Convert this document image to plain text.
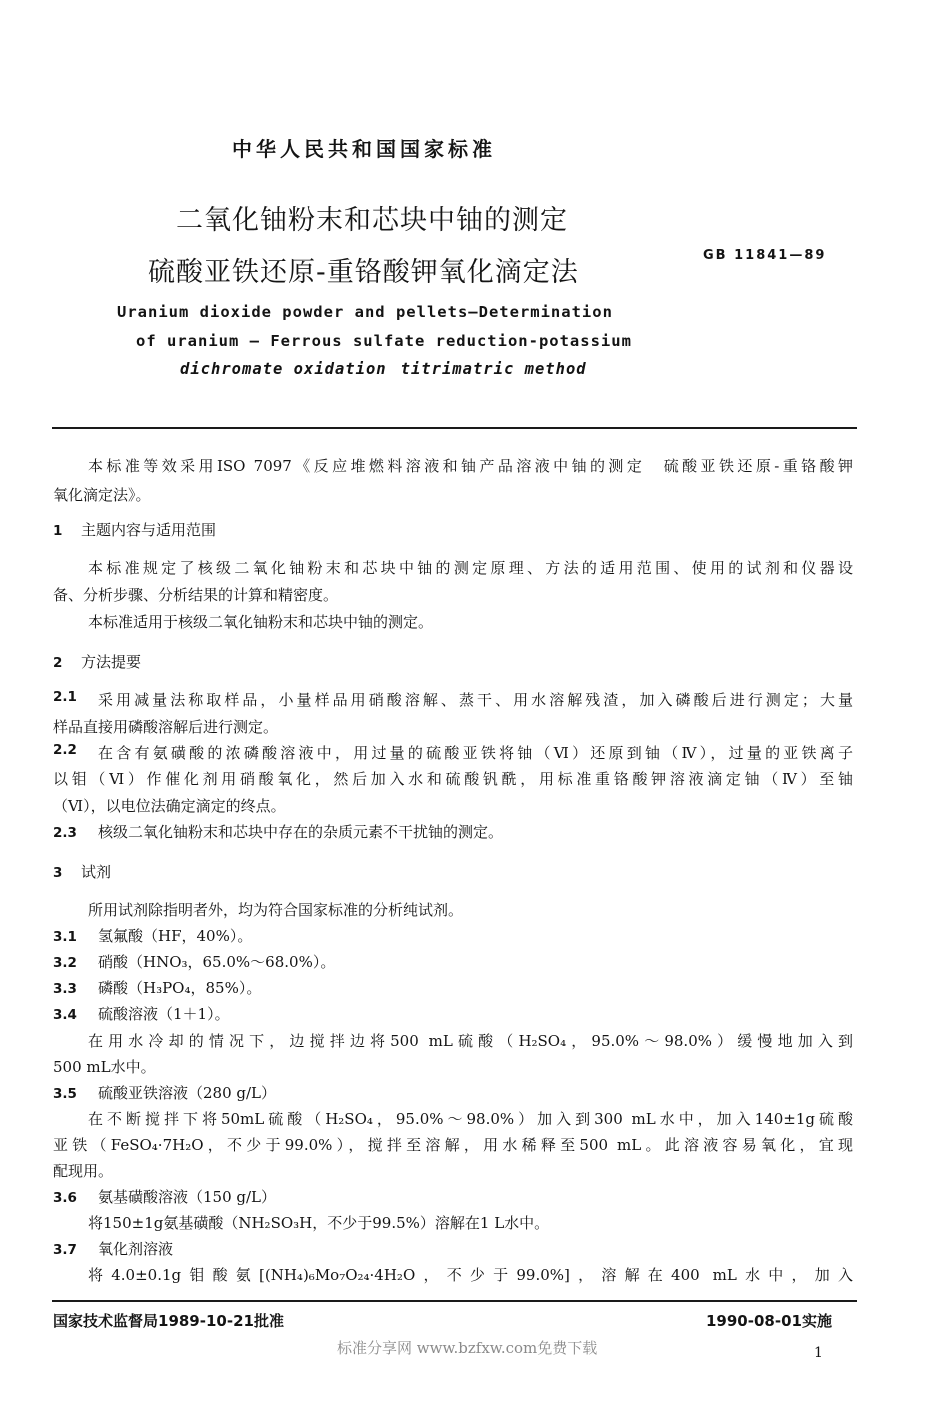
中华人民共和国国家标准
二氧化铀粉末和芯块中铀的测定
硫酸亚铁还原-重铬酸钾氧化滴定法
GB 11841—89
Uranium dioxide powder and pellets—Determination
of uranium — Ferrous sulfate reduction-potassium
dichromate oxidation titrimatric method
本标准等效采用ISO 7097《反应堆燃料溶液和铀产品溶液中铀的测定　硫酸亚铁还原-重铬酸钾
氧化滴定法》。
1 主题内容与适用范围
本标准规定了核级二氧化铀粉末和芯块中铀的测定原理、方法的适用范围、使用的试剂和仪器设
备、分析步骤、分析结果的计算和精密度。
本标准适用于核级二氧化铀粉末和芯块中铀的测定。
2 方法提要
2.1	采用减量法称取样品，小量样品用硝酸溶解、蒸干、用水溶解残渣，加入磷酸后进行测定；大量
样品直接用磷酸溶解后进行测定。
2.2	在含有氨磺酸的浓磷酸溶液中，用过量的硫酸亚铁将铀（Ⅵ）还原到铀（Ⅳ），过量的亚铁离子
以钼（Ⅵ）作催化剂用硝酸氧化，然后加入水和硫酸钒酰，用标准重铬酸钾溶液滴定铀（Ⅳ）至铀
（Ⅵ），以电位法确定滴定的终点。
2.3 核级二氧化铀粉末和芯块中存在的杂质元素不干扰铀的测定。
3 试剂
所用试剂除指明者外，均为符合国家标准的分析纯试剂。
3.1 氢氟酸（HF，40%）。
3.2 硝酸（HNO₃，65.0%～68.0%）。
3.3 磷酸（H₃PO₄，85%）。
3.4 硫酸溶液（1＋1）。
在用水冷却的情况下，边搅拌边将500 mL硫酸（H₂SO₄，95.0%～98.0%）缓慢地加入到
500 mL水中。
3.5 硫酸亚铁溶液（280 g/L）
在不断搅拌下将50mL硫酸（H₂SO₄，95.0%～98.0%）加入到300 mL水中，加入140±1g硫酸
亚铁（FeSO₄·7H₂O，不少于99.0%），搅拌至溶解，用水稀释至500 mL。此溶液容易氧化，宜现
配现用。
3.6 氨基磺酸溶液（150 g/L）
将150±1g氨基磺酸（NH₂SO₃H，不少于99.5%）溶解在1 L水中。
3.7 氧化剂溶液
将4.0±0.1g钼酸氨[(NH₄)₆Mo₇O₂₄·4H₂O，不少于99.0%]，溶解在400 mL水中，加入
国家技术监督局1989-10-21批准	1990-08-01实施
标准分享网 www.bzfxw.com免费下载	1
